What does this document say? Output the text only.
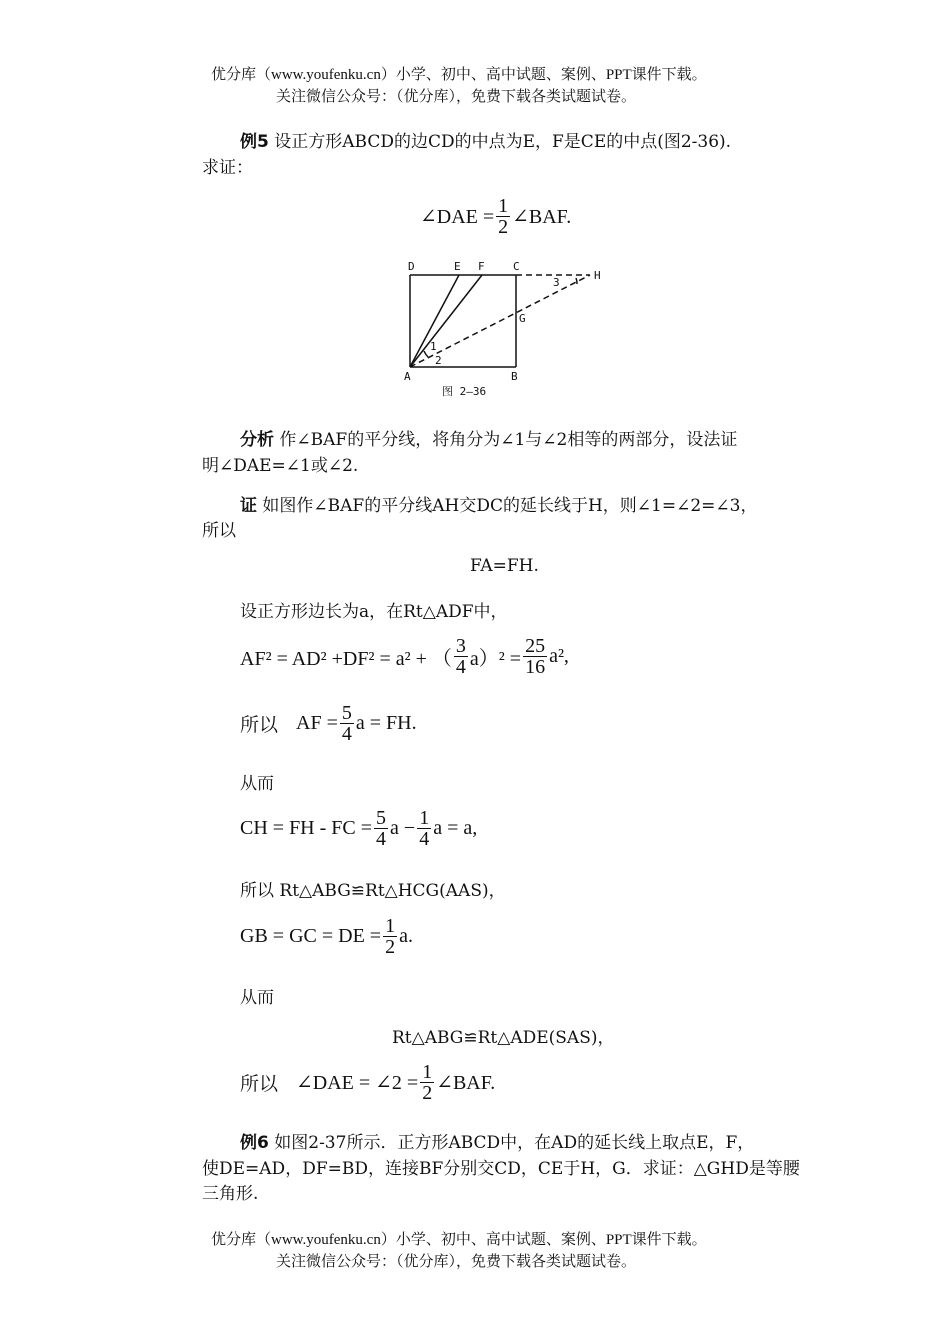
优分库（www.youfenku.cn）小学、初中、高中试题、案例、PPT课件下载。
关注微信公众号：（优分库），免费下载各类试题试卷。
例5 设正方形ABCD的边CD的中点为E，F是CE的中点(图2-36).
求证：
∠DAE = $\frac{1}{2}$ ∠BAF.
D	E F	C
H
G
A	B
1
2
3
图 2—36
分析 作∠BAF的平分线，将角分为∠1与∠2相等的两部分，设法证
明∠DAE=∠1或∠2.
证 如图作∠BAF的平分线AH交DC的延长线于H，则∠1=∠2=∠3，
所以
FA=FH.
设正方形边长为a，在Rt△ADF中，
AF² = AD² +DF² = a² + （ $\frac{3}{4} a)^2 = \frac{25}{16} a^2$,
所以 AF = $\frac{5}{4}$ a = FH.
从而
CH = FH - FC = $\frac{5}{4}$ $a - \frac{1}{4}$ a = a,
所以 Rt△ABG≌Rt△HCG(AAS)，
GB = GC = DE = $\frac{1}{2} a$.
从而
Rt△ABG≌Rt△ADE(SAS)，
所以 ∠DAE = ∠2 = $\frac{1}{2}$ ∠BAF.
例6 如图2-37所示．正方形ABCD中，在AD的延长线上取点E，F，
使DE=AD，DF=BD，连接BF分别交CD，CE于H，G．求证：△GHD是等腰
三角形.
优分库（www.youfenku.cn）小学、初中、高中试题、案例、PPT课件下载。
关注微信公众号：（优分库），免费下载各类试题试卷。
